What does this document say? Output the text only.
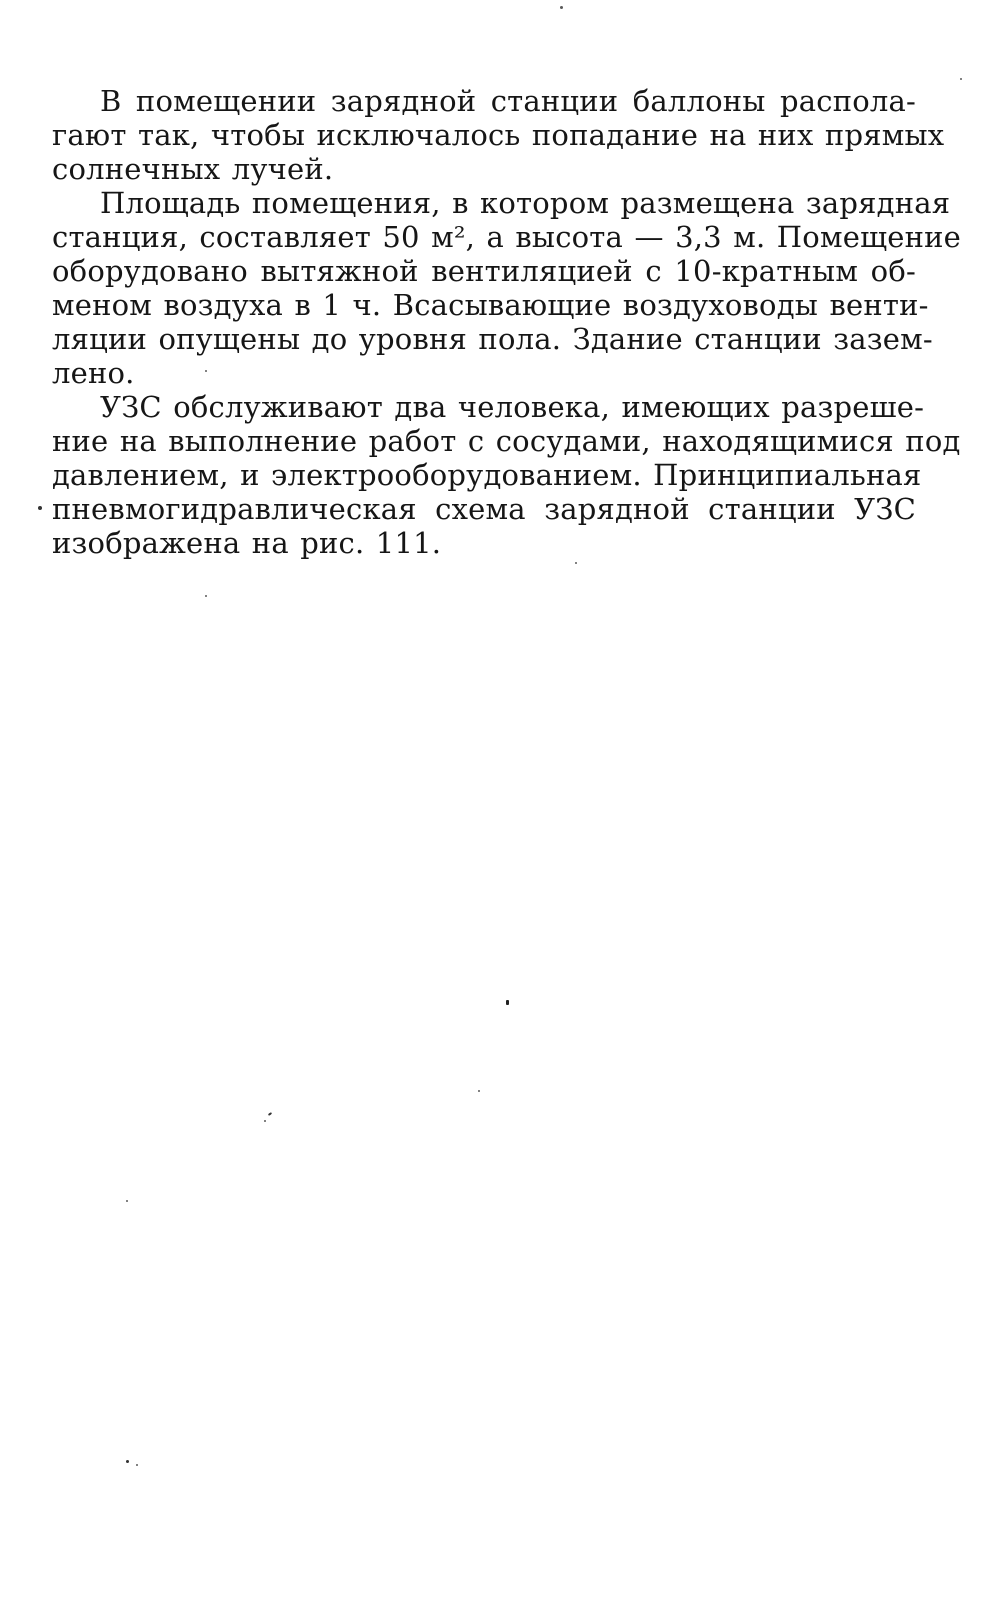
В помещении зарядной станции баллоны распола-
гают так, чтобы исключалось попадание на них прямых
солнечных лучей.
Площадь помещения, в котором размещена зарядная
станция, составляет 50 м², а высота — 3,3 м. Помещение
оборудовано вытяжной вентиляцией с 10-кратным об-
меном воздуха в 1 ч. Всасывающие воздуховоды венти-
ляции опущены до уровня пола. Здание станции зазем-
лено.
УЗС обслуживают два человека, имеющих разреше-
ние на выполнение работ с сосудами, находящимися под
давлением, и электрооборудованием. Принципиальная
пневмогидравлическая схема зарядной станции УЗС
изображена на рис. 111.
